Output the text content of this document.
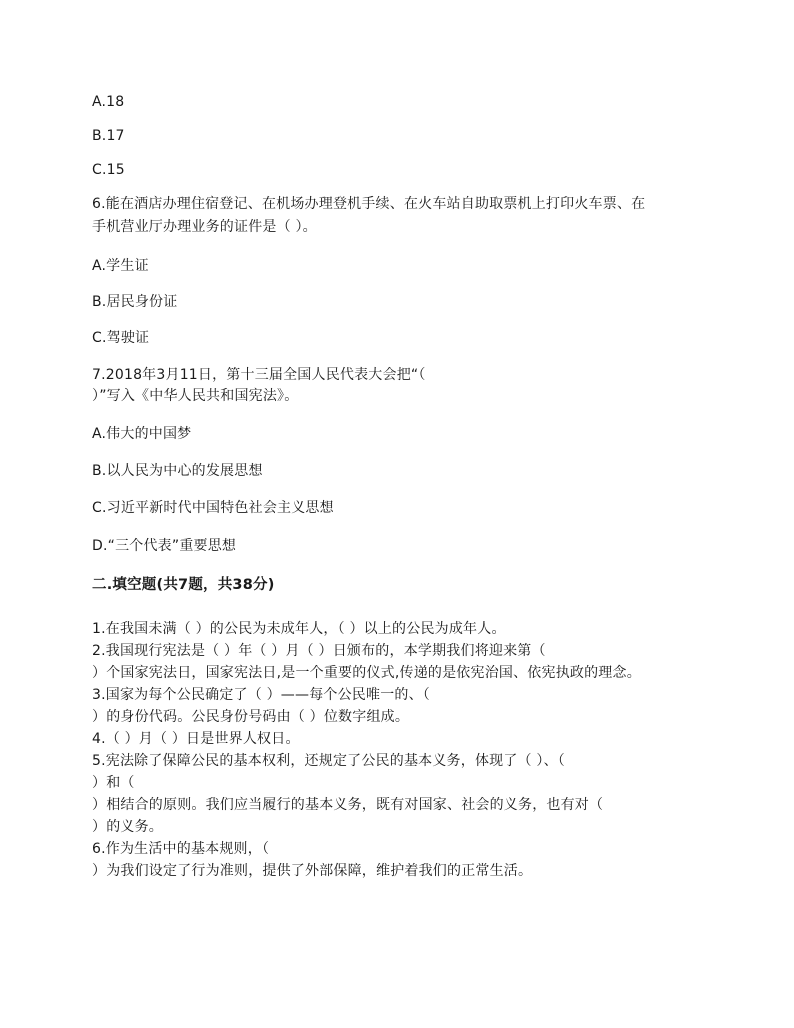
A.18
B.17
C.15
6.能在酒店办理住宿登记、在机场办理登机手续、在火车站自助取票机上打印火车票、在
手机营业厅办理业务的证件是（ ）。
A.学生证
B.居民身份证
C.驾驶证
7.2018年3月11日，第十三届全国人民代表大会把“（
）”写入《中华人民共和国宪法》。
A.伟大的中国梦
B.以人民为中心的发展思想
C.习近平新时代中国特色社会主义思想
D.“三个代表”重要思想
二.填空题(共7题，共38分)
1.在我国未满（ ）的公民为未成年人，（ ）以上的公民为成年人。
2.我国现行宪法是（ ）年（ ）月（ ）日颁布的，本学期我们将迎来第（
）个国家宪法日，国家宪法日,是一个重要的仪式,传递的是依宪治国、依宪执政的理念。
3.国家为每个公民确定了（ ）——每个公民唯一的、（
）的身份代码。公民身份号码由（ ）位数字组成。
4.（ ）月（ ）日是世界人权日。
5.宪法除了保障公民的基本权利，还规定了公民的基本义务，体现了（ ）、（
）和（
）相结合的原则。我们应当履行的基本义务，既有对国家、社会的义务，也有对（
）的义务。
6.作为生活中的基本规则，（
）为我们设定了行为准则，提供了外部保障，维护着我们的正常生活。
